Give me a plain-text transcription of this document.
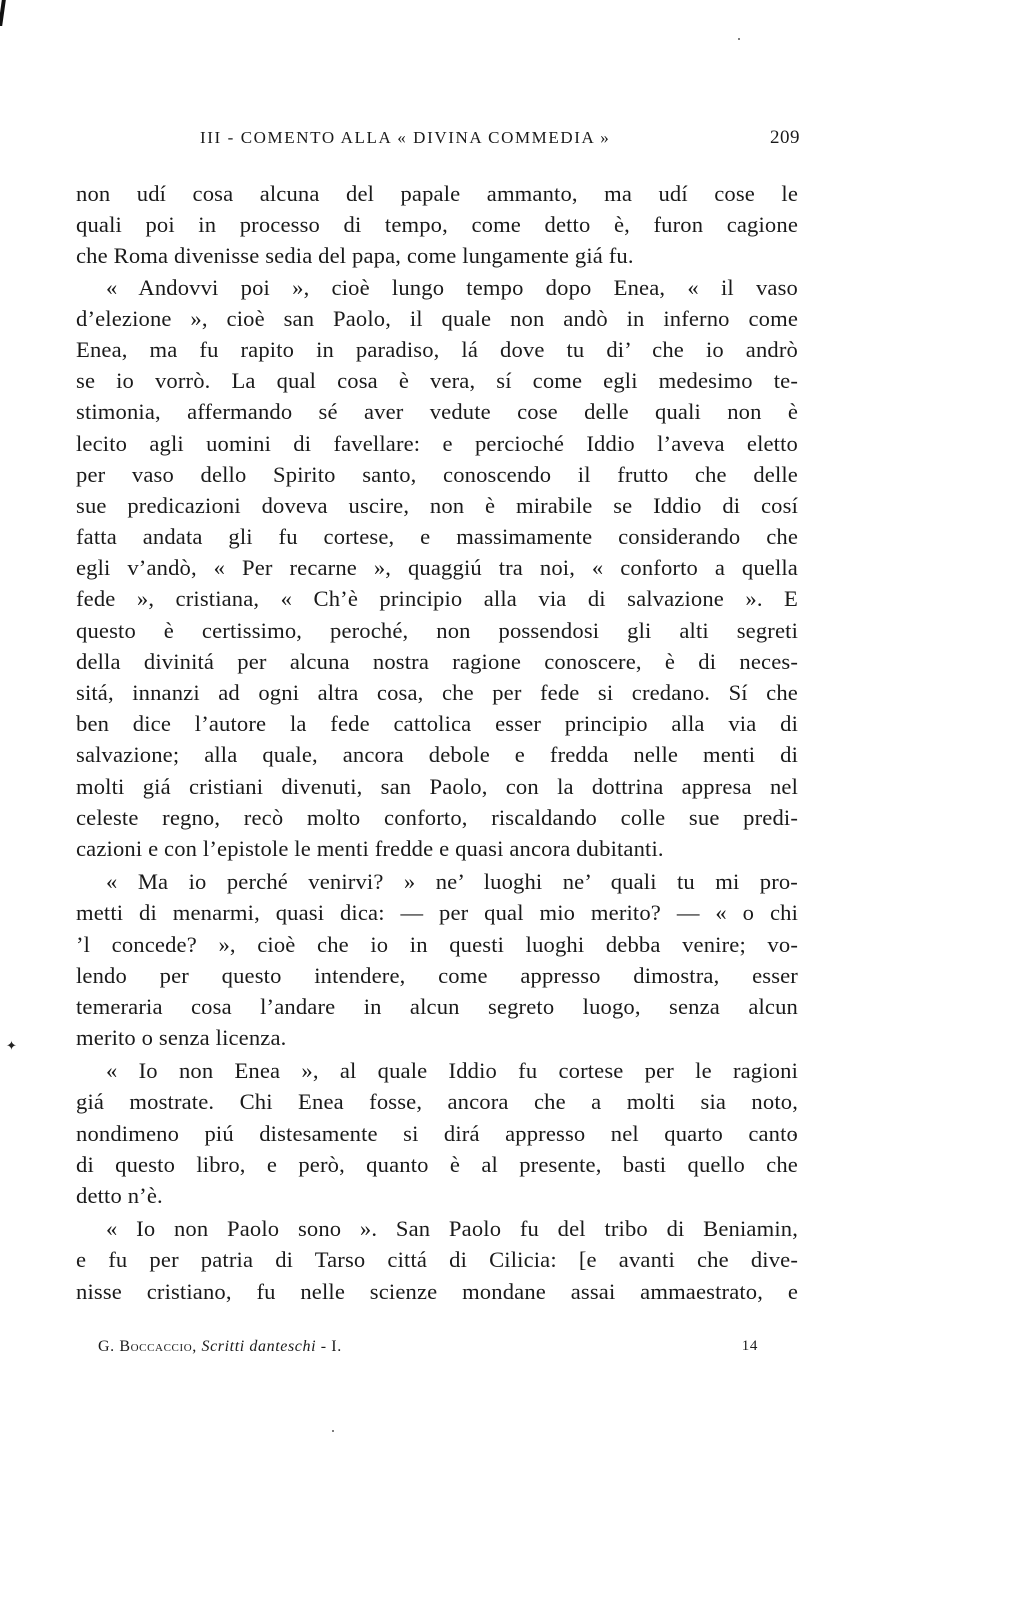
III - COMENTO ALLA « DIVINA COMMEDIA »	209
non udí cosa alcuna del papale ammanto, ma udí cose le
quali poi in processo di tempo, come detto è, furon cagione
che Roma divenisse sedia del papa, come lungamente giá fu.
« Andovvi poi », cioè lungo tempo dopo Enea, « il vaso
d’elezione », cioè san Paolo, il quale non andò in inferno come
Enea, ma fu rapito in paradiso, lá dove tu di’ che io andrò
se io vorrò. La qual cosa è vera, sí come egli medesimo te-
stimonia, affermando sé aver vedute cose delle quali non è
lecito agli uomini di favellare: e percioché Iddio l’aveva eletto
per vaso dello Spirito santo, conoscendo il frutto che delle
sue predicazioni doveva uscire, non è mirabile se Iddio di cosí
fatta andata gli fu cortese, e massimamente considerando che
egli v’andò, « Per recarne », quaggiú tra noi, « conforto a quella
fede », cristiana, « Ch’è principio alla via di salvazione ». E
questo è certissimo, peroché, non possendosi gli alti segreti
della divinitá per alcuna nostra ragione conoscere, è di neces-
sitá, innanzi ad ogni altra cosa, che per fede si credano. Sí che
ben dice l’autore la fede cattolica esser principio alla via di
salvazione; alla quale, ancora debole e fredda nelle menti di
molti giá cristiani divenuti, san Paolo, con la dottrina appresa nel
celeste regno, recò molto conforto, riscaldando colle sue predi-
cazioni e con l’epistole le menti fredde e quasi ancora dubitanti.
« Ma io perché venirvi? » ne’ luoghi ne’ quali tu mi pro-
metti di menarmi, quasi dica: — per qual mio merito? — « o chi
’l concede? », cioè che io in questi luoghi debba venire; vo-
lendo per questo intendere, come appresso dimostra, esser
temeraria cosa l’andare in alcun segreto luogo, senza alcun
merito o senza licenza.
« Io non Enea », al quale Iddio fu cortese per le ragioni
giá mostrate. Chi Enea fosse, ancora che a molti sia noto,
nondimeno piú distesamente si dirá appresso nel quarto canto
di questo libro, e però, quanto è al presente, basti quello che
detto n’è.
« Io non Paolo sono ». San Paolo fu del tribo di Beniamin,
e fu per patria di Tarso cittá di Cilicia: [e avanti che dive-
nisse cristiano, fu nelle scienze mondane assai ammaestrato, e
✦
G. Boccaccio, Scritti danteschi - I.	14
